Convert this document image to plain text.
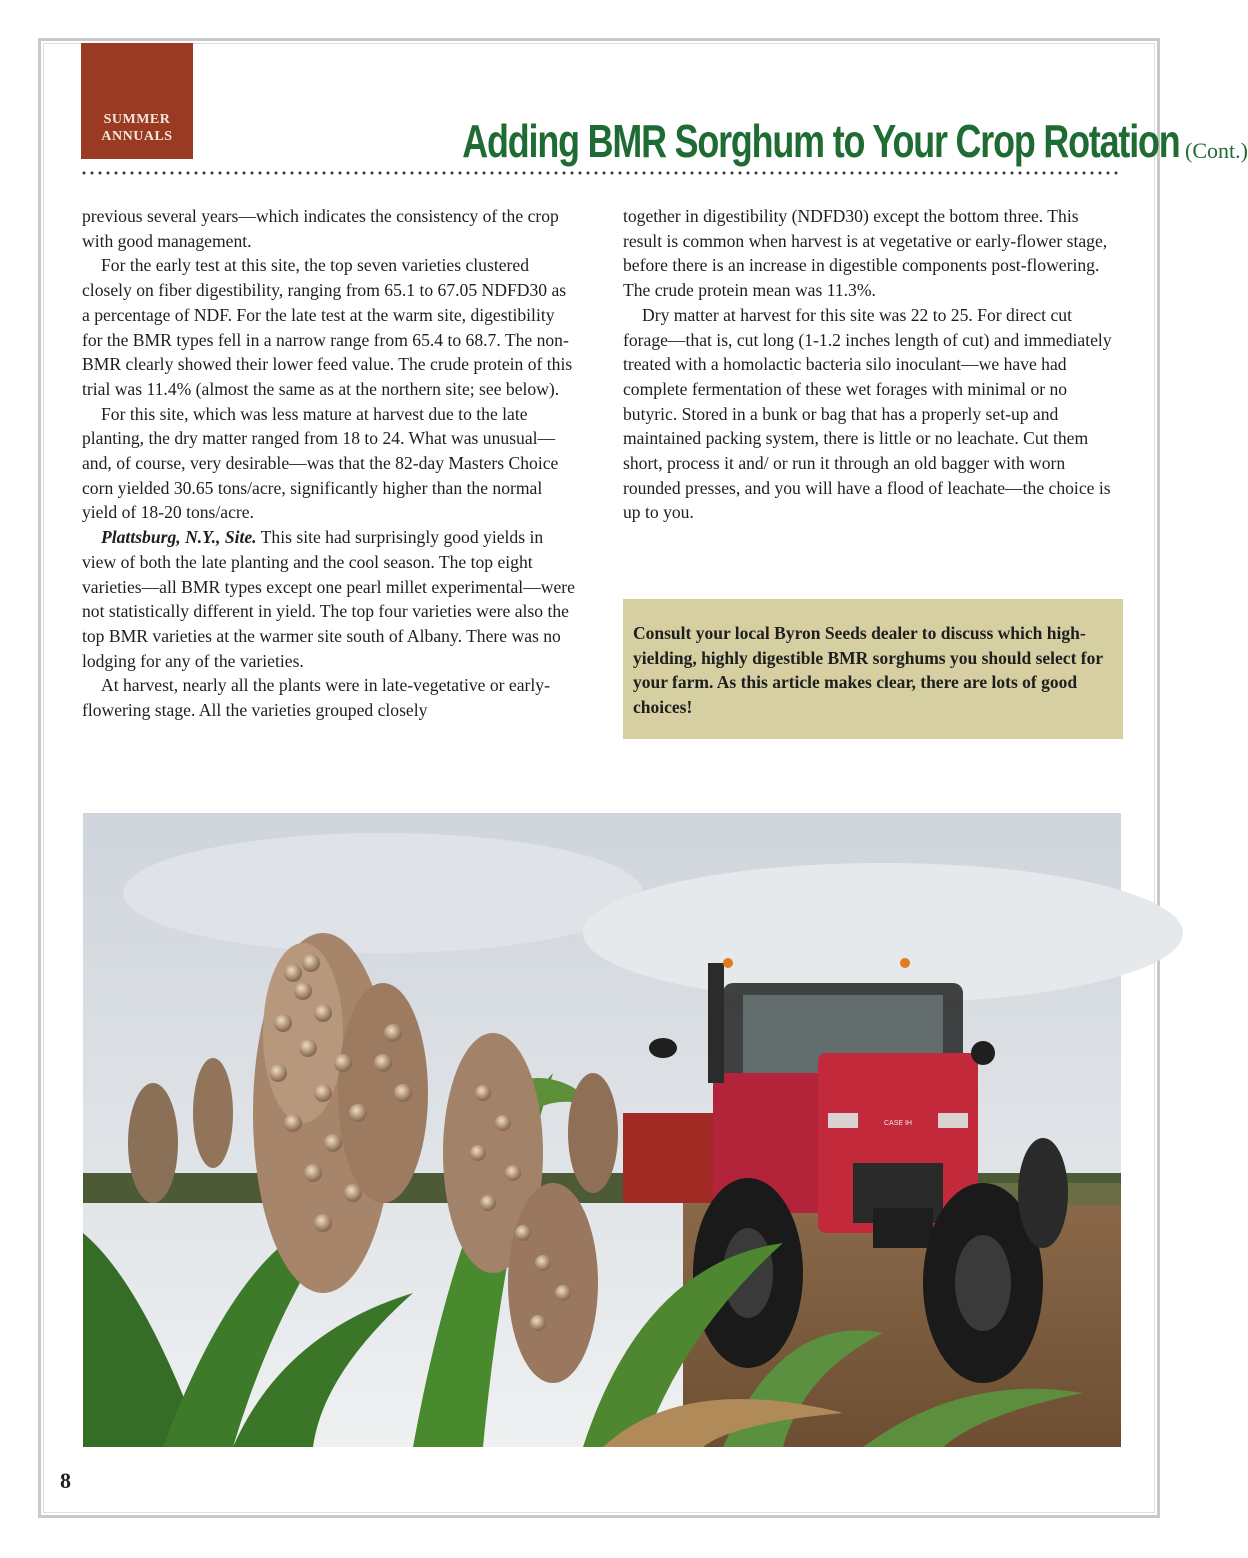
SUMMER
ANNUALS	Adding BMR Sorghum to Your Crop Rotation (Cont.)

previous several years—which indicates the consistency of the crop with good management.

For the early test at this site, the top seven varieties clustered closely on fiber digestibility, ranging from 65.1 to 67.05 NDFD30 as a percentage of NDF. For the late test at the warm site, digestibility for the BMR types fell in a narrow range from 65.4 to 68.7. The non-BMR clearly showed their lower feed value. The crude protein of this trial was 11.4% (almost the same as at the northern site; see below).

For this site, which was less mature at harvest due to the late planting, the dry matter ranged from 18 to 24. What was unusual—and, of course, very desirable—was that the 82-day Masters Choice corn yielded 30.65 tons/acre, significantly higher than the normal yield of 18-20 tons/acre.

Plattsburg, N.Y., Site. This site had surprisingly good yields in view of both the late planting and the cool season. The top eight varieties—all BMR types except one pearl millet experimental—were not statistically different in yield. The top four varieties were also the top BMR varieties at the warmer site south of Albany. There was no lodging for any of the varieties.

At harvest, nearly all the plants were in late-vegetative or early-flowering stage. All the varieties grouped closely

together in digestibility (NDFD30) except the bottom three. This result is common when harvest is at vegetative or early-flower stage, before there is an increase in digestible components post-flowering. The crude protein mean was 11.3%.

Dry matter at harvest for this site was 22 to 25. For direct cut forage—that is, cut long (1-1.2 inches length of cut) and immediately treated with a homolactic bacteria silo inoculant—we have had complete fermentation of these wet forages with minimal or no butyric. Stored in a bunk or bag that has a properly set-up and maintained packing system, there is little or no leachate. Cut them short, process it and/ or run it through an old bagger with worn rounded presses, and you will have a flood of leachate—the choice is up to you.

Consult your local Byron Seeds dealer to discuss which high-yielding, highly digestible BMR sorghums you should select for your farm. As this article makes clear, there are lots of good choices!

CASE IH
8
